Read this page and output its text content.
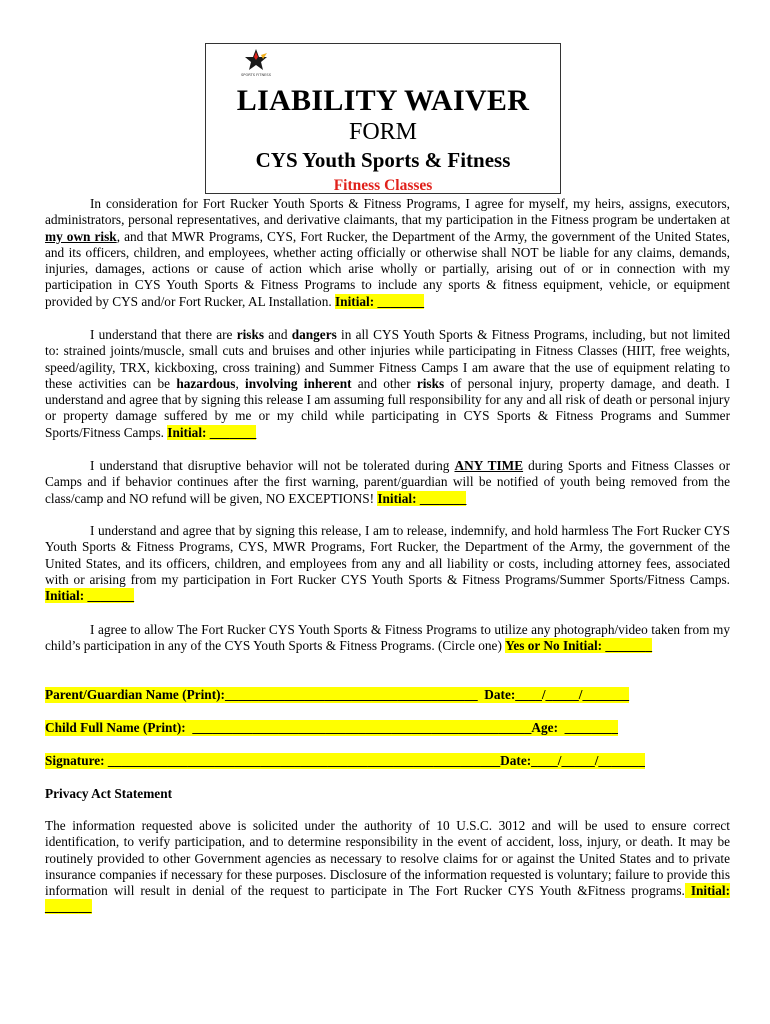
SPORTS FITNESS
LIABILITY WAIVER
FORM
CYS Youth Sports & Fitness
Fitness Classes

In consideration for Fort Rucker Youth Sports & Fitness Programs, I agree for myself, my heirs, assigns, executors, administrators, personal representatives, and derivative claimants, that my participation in the Fitness program be undertaken at my own risk, and that MWR Programs, CYS, Fort Rucker, the Department of the Army, the government of the United States, and its officers, children, and employees, whether acting officially or otherwise shall NOT be liable for any claims, demands, injuries, damages, actions or cause of action which arise wholly or partially, arising out of or in connection with my participation in CYS Youth Sports & Fitness Programs to include any sports & fitness equipment, vehicle, or equipment provided by CYS and/or Fort Rucker, AL Installation. Initial: _______

I understand that there are risks and dangers in all CYS Youth Sports & Fitness Programs, including, but not limited to: strained joints/muscle, small cuts and bruises and other injuries while participating in Fitness Classes (HIIT, free weights, speed/agility, TRX, kickboxing, cross training) and Summer Fitness Camps I am aware that the use of equipment relating to these activities can be hazardous, involving inherent and other risks of personal injury, property damage, and death. I understand and agree that by signing this release I am assuming full responsibility for any and all risk of death or personal injury or property damage suffered by me or my child while participating in CYS Sports & Fitness Programs and Summer Sports/Fitness Camps. Initial: _______

I understand that disruptive behavior will not be tolerated during ANY TIME during Sports and Fitness Classes or Camps and if behavior continues after the first warning, parent/guardian will be notified of youth being removed from the class/camp and NO refund will be given, NO EXCEPTIONS! Initial: _______

I understand and agree that by signing this release, I am to release, indemnify, and hold harmless The Fort Rucker CYS Youth Sports & Fitness Programs, CYS, MWR Programs, Fort Rucker, the Department of the Army, the government of the United States, and its officers, children, and employees from any and all liability or costs, including attorney fees, associated with or arising from my participation in Fort Rucker CYS Youth Sports & Fitness Programs/Summer Sports/Fitness Camps. Initial: _______

I agree to allow The Fort Rucker CYS Youth Sports & Fitness Programs to utilize any photograph/video taken from my child’s participation in any of the CYS Youth Sports & Fitness Programs. (Circle one) Yes or No Initial: _______

Parent/Guardian Name (Print):______________________________________  Date:____/_____/_______
Child Full Name (Print):  ___________________________________________________Age:  ________
Signature: ___________________________________________________________Date:____/_____/_______

Privacy Act Statement

The information requested above is solicited under the authority of 10 U.S.C. 3012 and will be used to ensure correct identification, to verify participation, and to determine responsibility in the event of accident, loss, injury, or death. It may be routinely provided to other Government agencies as necessary to resolve claims for or against the United States and to private insurance companies if necessary for these purposes. Disclosure of the information requested is voluntary; failure to provide this information will result in denial of the request to participate in The Fort Rucker CYS Youth &Fitness programs. Initial: _______
